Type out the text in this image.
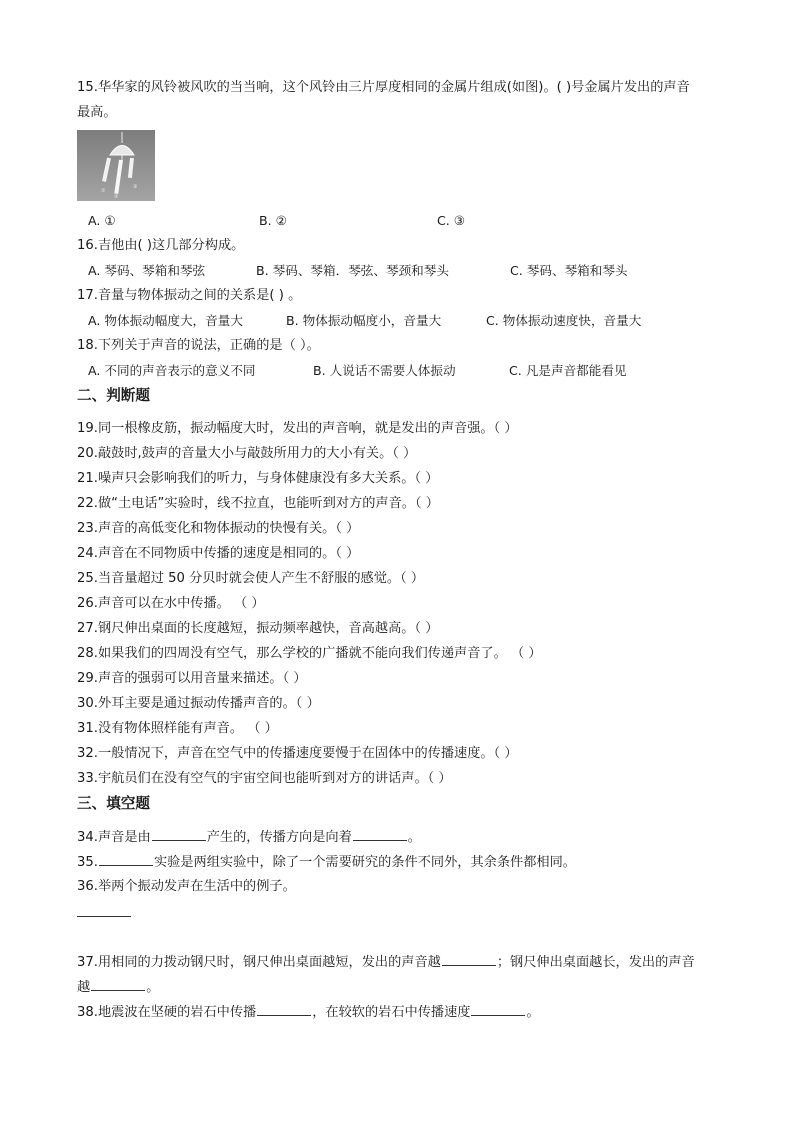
15.华华家的风铃被风吹的当当响，这个风铃由三片厚度相同的金属片组成(如图)。( )号金属片发出的声音
最高。
①
②
③
A. ①	B. ②	C. ③
16.吉他由( )这几部分构成。
A. 琴码、琴箱和琴弦	B. 琴码、琴箱．琴弦、琴颈和琴头	C. 琴码、琴箱和琴头
17.音量与物体振动之间的关系是( ) 。
A. 物体振动幅度大，音量大	B. 物体振动幅度小，音量大	C. 物体振动速度快，音量大
18.下列关于声音的说法，正确的是（ ）。
A. 不同的声音表示的意义不同	B. 人说话不需要人体振动	C. 凡是声音都能看见
二、判断题
19.同一根橡皮筋，振动幅度大时，发出的声音响，就是发出的声音强。（ ）
20.敲鼓时,鼓声的音量大小与敲鼓所用力的大小有关。（ ）
21.噪声只会影响我们的听力，与身体健康没有多大关系。（ ）
22.做“土电话”实验时，线不拉直，也能听到对方的声音。（ ）
23.声音的高低变化和物体振动的快慢有关。（ ）
24.声音在不同物质中传播的速度是相同的。（ ）
25.当音量超过 50 分贝时就会使人产生不舒服的感觉。（ ）
26.声音可以在水中传播。 （ ）
27.钢尺伸出桌面的长度越短，振动频率越快，音高越高。（ ）
28.如果我们的四周没有空气，那么学校的广播就不能向我们传递声音了。 （ ）
29.声音的强弱可以用音量来描述。（ ）
30.外耳主要是通过振动传播声音的。（ ）
31.没有物体照样能有声音。 （ ）
32.一般情况下，声音在空气中的传播速度要慢于在固体中的传播速度。（ ）
33.宇航员们在没有空气的宇宙空间也能听到对方的讲话声。（ ）
三、填空题
34.声音是由	产生的，传播方向是向着	。
35.	实验是两组实验中，除了一个需要研究的条件不同外，其余条件都相同。
36.举两个振动发声在生活中的例子。
37.用相同的力拨动钢尺时，钢尺伸出桌面越短，发出的声音越	；钢尺伸出桌面越长，发出的声音
越	。
38.地震波在坚硬的岩石中传播	，在较软的岩石中传播速度	。
